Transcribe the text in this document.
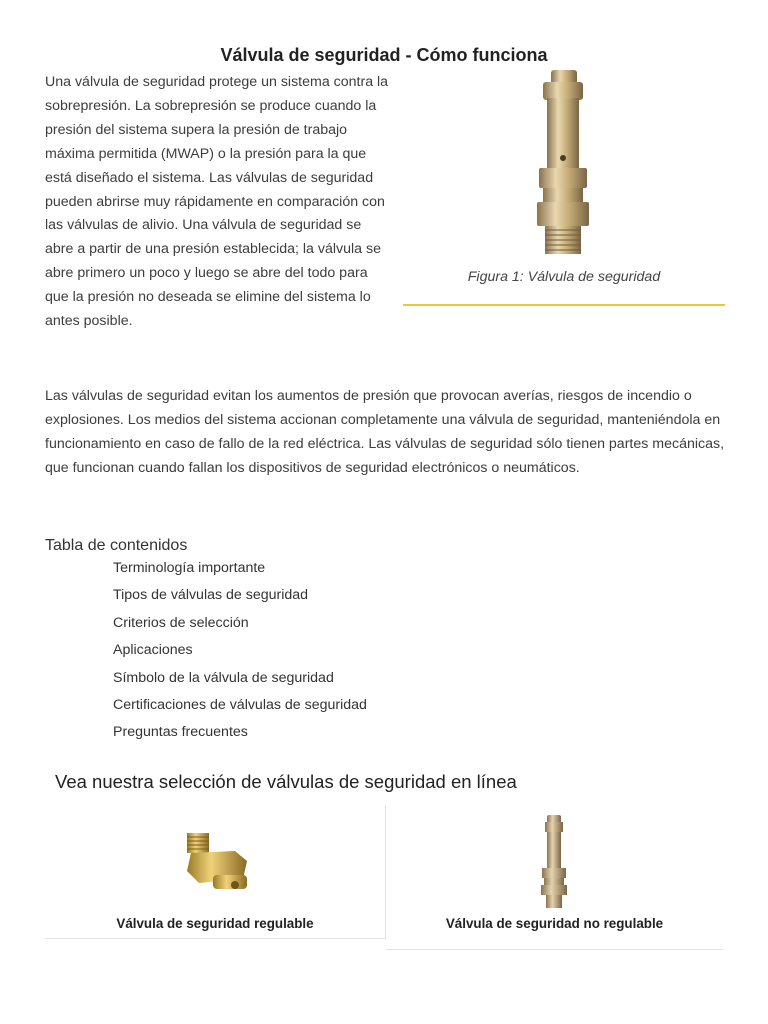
Válvula de seguridad - Cómo funciona

Una válvula de seguridad protege un sistema contra la sobrepresión. La sobrepresión se produce cuando la presión del sistema supera la presión de trabajo máxima permitida (MWAP) o la presión para la que está diseñado el sistema. Las válvulas de seguridad pueden abrirse muy rápidamente en comparación con las válvulas de alivio. Una válvula de seguridad se abre a partir de una presión establecida; la válvula se abre primero un poco y luego se abre del todo para que la presión no deseada se elimine del sistema lo antes posible.

Figura 1: Válvula de seguridad

Las válvulas de seguridad evitan los aumentos de presión que provocan averías, riesgos de incendio o explosiones. Los medios del sistema accionan completamente una válvula de seguridad, manteniéndola en funcionamiento en caso de fallo de la red eléctrica. Las válvulas de seguridad sólo tienen partes mecánicas, que funcionan cuando fallan los dispositivos de seguridad electrónicos o neumáticos.

Tabla de contenidos
Terminología importante
Tipos de válvulas de seguridad
Criterios de selección
Aplicaciones
Símbolo de la válvula de seguridad
Certificaciones de válvulas de seguridad
Preguntas frecuentes
Vea nuestra selección de válvulas de seguridad en línea
Válvula de seguridad regulable	Válvula de seguridad no regulable
